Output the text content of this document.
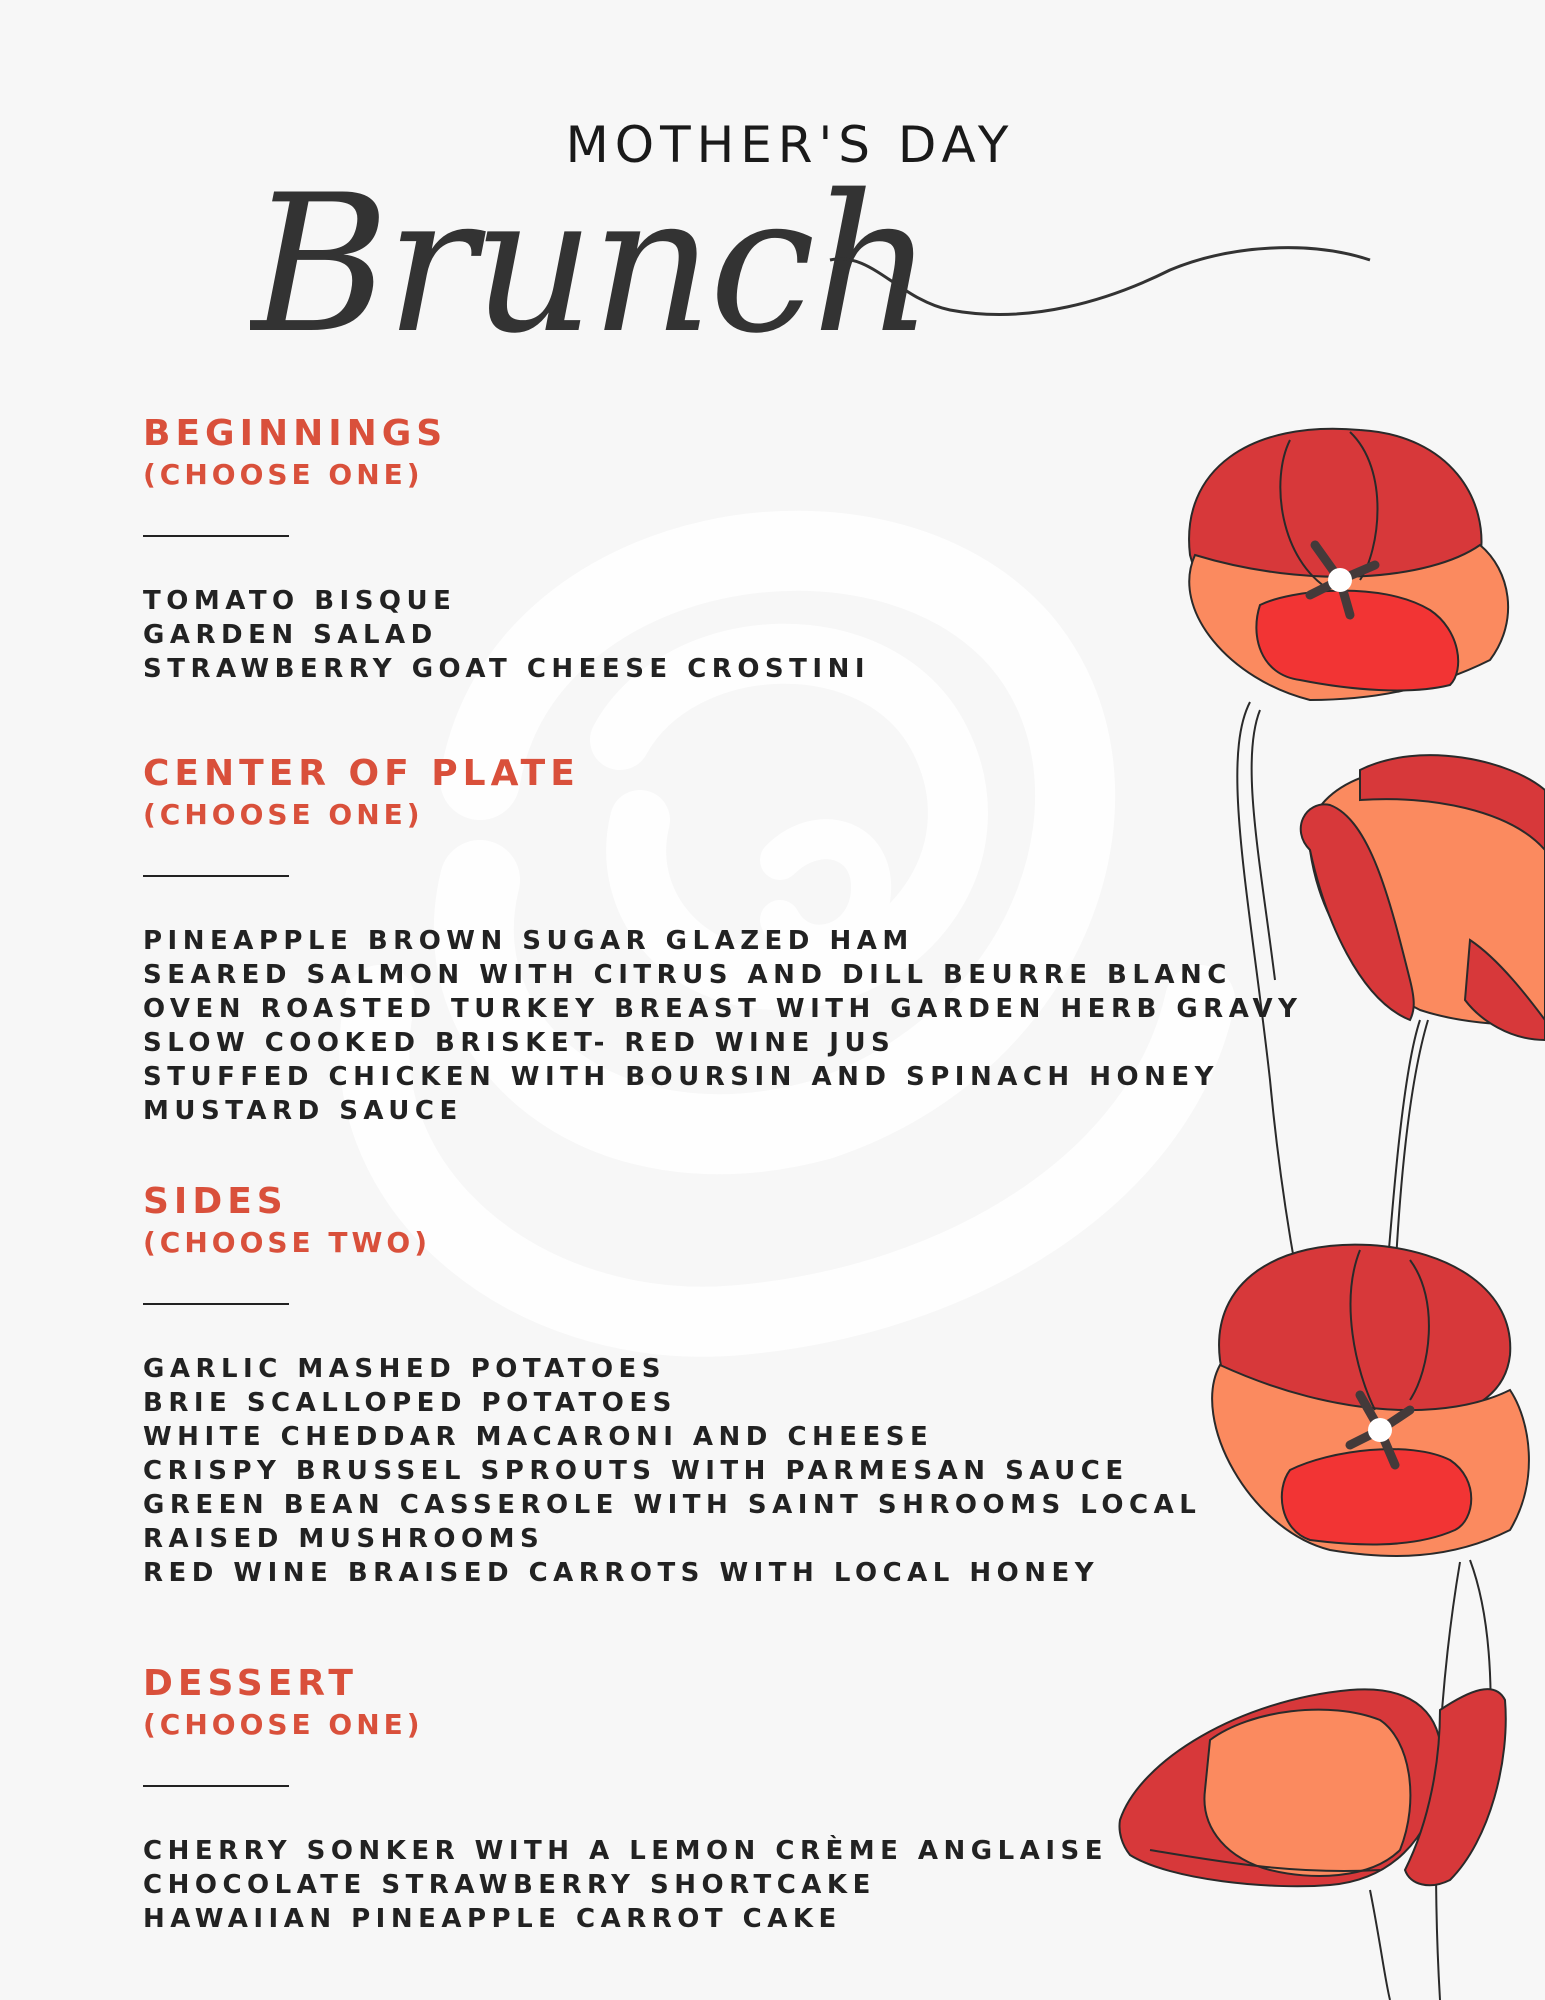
MOTHER'S DAY
Brunch
BEGINNINGS
(CHOOSE ONE)
TOMATO BISQUE
GARDEN SALAD
STRAWBERRY GOAT CHEESE CROSTINI
CENTER OF PLATE
(CHOOSE ONE)
PINEAPPLE BROWN SUGAR GLAZED HAM
SEARED SALMON WITH CITRUS AND DILL BEURRE BLANC
OVEN ROASTED TURKEY BREAST WITH GARDEN HERB GRAVY
SLOW COOKED BRISKET- RED WINE JUS
STUFFED CHICKEN WITH BOURSIN AND SPINACH HONEY
MUSTARD SAUCE
SIDES
(CHOOSE TWO)
GARLIC MASHED POTATOES
BRIE SCALLOPED POTATOES
WHITE CHEDDAR MACARONI AND CHEESE
CRISPY BRUSSEL SPROUTS WITH PARMESAN SAUCE
GREEN BEAN CASSEROLE WITH SAINT SHROOMS LOCAL
RAISED MUSHROOMS
RED WINE BRAISED CARROTS WITH LOCAL HONEY
DESSERT
(CHOOSE ONE)
CHERRY SONKER WITH A LEMON CRÈME ANGLAISE
CHOCOLATE STRAWBERRY SHORTCAKE
HAWAIIAN PINEAPPLE CARROT CAKE
